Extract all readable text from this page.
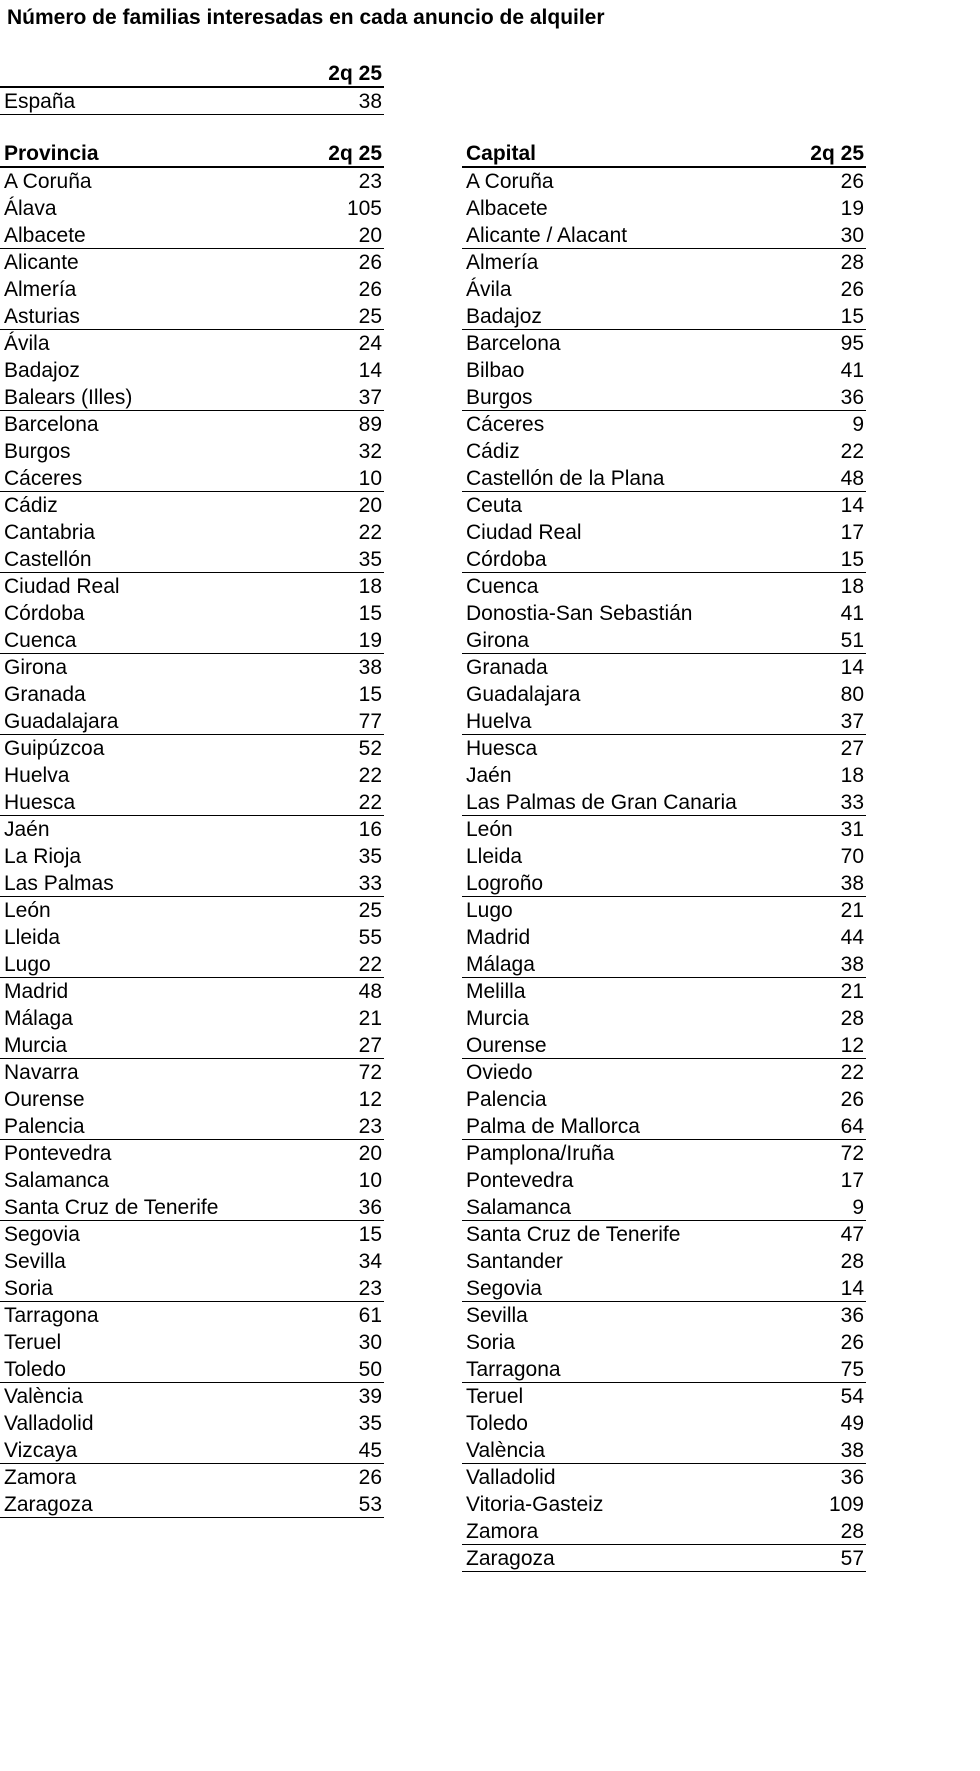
Número de familias interesadas en cada anuncio de alquiler
2q 25
España	38
Provincia	2q 25
A Coruña	23
Álava	105
Albacete	20
Alicante	26
Almería	26
Asturias	25
Ávila	24
Badajoz	14
Balears (Illes)	37
Barcelona	89
Burgos	32
Cáceres	10
Cádiz	20
Cantabria	22
Castellón	35
Ciudad Real	18
Córdoba	15
Cuenca	19
Girona	38
Granada	15
Guadalajara	77
Guipúzcoa	52
Huelva	22
Huesca	22
Jaén	16
La Rioja	35
Las Palmas	33
León	25
Lleida	55
Lugo	22
Madrid	48
Málaga	21
Murcia	27
Navarra	72
Ourense	12
Palencia	23
Pontevedra	20
Salamanca	10
Santa Cruz de Tenerife	36
Segovia	15
Sevilla	34
Soria	23
Tarragona	61
Teruel	30
Toledo	50
València	39
Valladolid	35
Vizcaya	45
Zamora	26
Zaragoza	53
Capital	2q 25
A Coruña	26
Albacete	19
Alicante / Alacant	30
Almería	28
Ávila	26
Badajoz	15
Barcelona	95
Bilbao	41
Burgos	36
Cáceres	9
Cádiz	22
Castellón de la Plana	48
Ceuta	14
Ciudad Real	17
Córdoba	15
Cuenca	18
Donostia-San Sebastián	41
Girona	51
Granada	14
Guadalajara	80
Huelva	37
Huesca	27
Jaén	18
Las Palmas de Gran Canaria	33
León	31
Lleida	70
Logroño	38
Lugo	21
Madrid	44
Málaga	38
Melilla	21
Murcia	28
Ourense	12
Oviedo	22
Palencia	26
Palma de Mallorca	64
Pamplona/Iruña	72
Pontevedra	17
Salamanca	9
Santa Cruz de Tenerife	47
Santander	28
Segovia	14
Sevilla	36
Soria	26
Tarragona	75
Teruel	54
Toledo	49
València	38
Valladolid	36
Vitoria-Gasteiz	109
Zamora	28
Zaragoza	57
